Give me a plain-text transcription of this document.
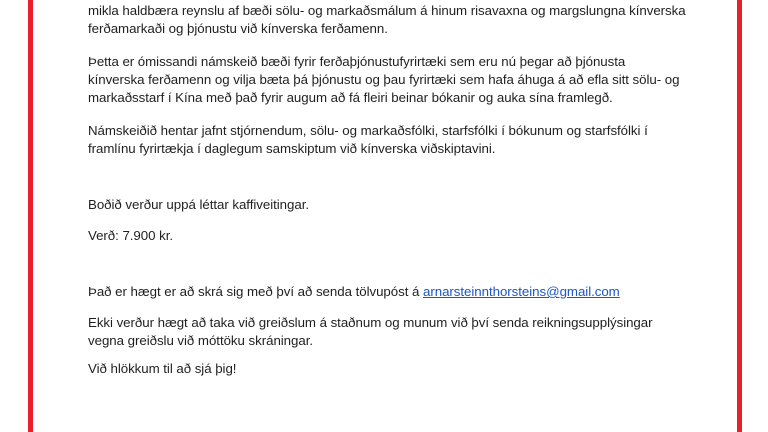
mikla haldbæra reynslu af bæði sölu- og markaðsmálum á hinum risavaxna og margslungna kínverska
ferðamarkaði og þjónustu við kínverska ferðamenn.

Þetta er ómissandi námskeið bæði fyrir ferðaþjónustufyrirtæki sem eru nú þegar að þjónusta
kínverska ferðamenn og vilja bæta þá þjónustu og þau fyrirtæki sem hafa áhuga á að efla sitt sölu- og
markaðsstarf í Kína með það fyrir augum að fá fleiri beinar bókanir og auka sína framlegð.

Námskeiðið hentar jafnt stjórnendum, sölu- og markaðsfólki, starfsfólki í bókunum og starfsfólki í
framlínu fyrirtækja í daglegum samskiptum við kínverska viðskiptavini.

Boðið verður uppá léttar kaffiveitingar.

Verð: 7.900 kr.

Það er hægt er að skrá sig með því að senda tölvupóst á arnarsteinnthorsteins@gmail.com

Ekki verður hægt að taka við greiðslum á staðnum og munum við því senda reikningsupplýsingar
vegna greiðslu við móttöku skráningar.

Við hlökkum til að sjá þig!
